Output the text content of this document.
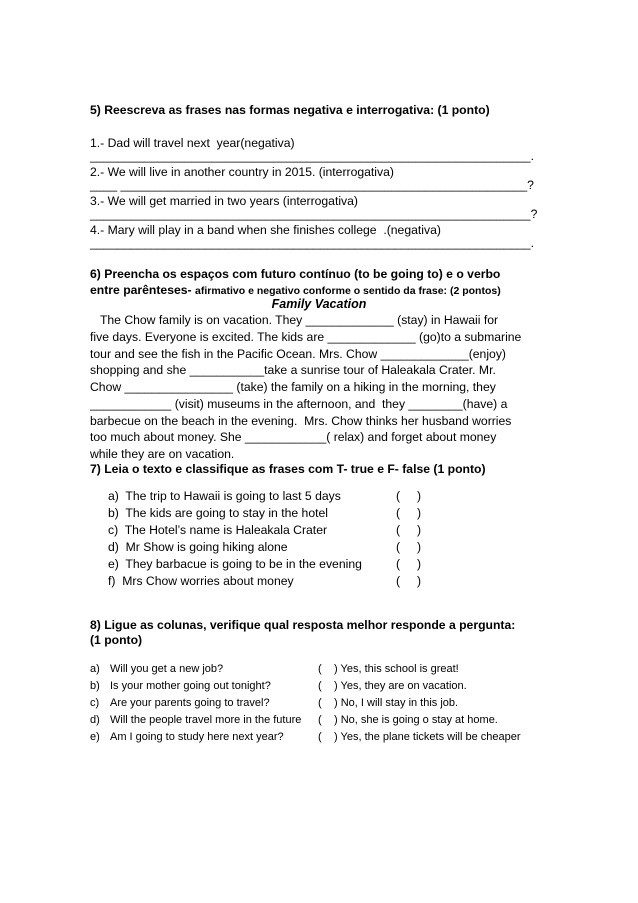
5) Reescreva as frases nas formas negativa e interrogativa: (1 ponto)
1.- Dad will travel next  year(negativa)
_________________________________________________________________.
2.- We will live in another country in 2015. (interrogativa)
____ ____________________________________________________________?
3.- We will get married in two years (interrogativa)
_________________________________________________________________?
4.- Mary will play in a band when she finishes college  .(negativa)
_________________________________________________________________.
6) Preencha os espaços com futuro contínuo (to be going to) e o verbo
entre parênteses- afirmativo e negativo conforme o sentido da frase: (2 pontos)
Family Vacation
The Chow family is on vacation. They _____________ (stay) in Hawaii for
five days. Everyone is excited. The kids are _____________ (go)to a submarine
tour and see the fish in the Pacific Ocean. Mrs. Chow _____________(enjoy)
shopping and she ___________take a sunrise tour of Haleakala Crater. Mr.
Chow ________________ (take) the family on a hiking in the morning, they
____________ (visit) museums in the afternoon, and  they ________(have) a
barbecue on the beach in the evening.  Mrs. Chow thinks her husband worries
too much about money. She ____________( relax) and forget about money
while they are on vacation.
7) Leia o texto e classifique as frases com T- true e F- false (1 ponto)
a) The trip to Hawaii is going to last 5 days	(     )
b) The kids are going to stay in the hotel	(     )
c) The Hotel’s name is Haleakala Crater	(     )
d) Mr Show is going hiking alone	(     )
e) They barbacue is going to be in the evening	(     )
f) Mrs Chow worries about money	(     )
8) Ligue as colunas, verifique qual resposta melhor responde a pergunta:
(1 ponto)
a) Will you get a new job?	( ) Yes, this school is great!
b) Is your mother going out tonight?	( ) Yes, they are on vacation.
c) Are your parents going to travel?	( ) No, I will stay in this job.
d) Will the people travel more in the future ( ) No, she is going o stay at home.
e) Am I going to study here next year?	( ) Yes, the plane tickets will be cheaper
